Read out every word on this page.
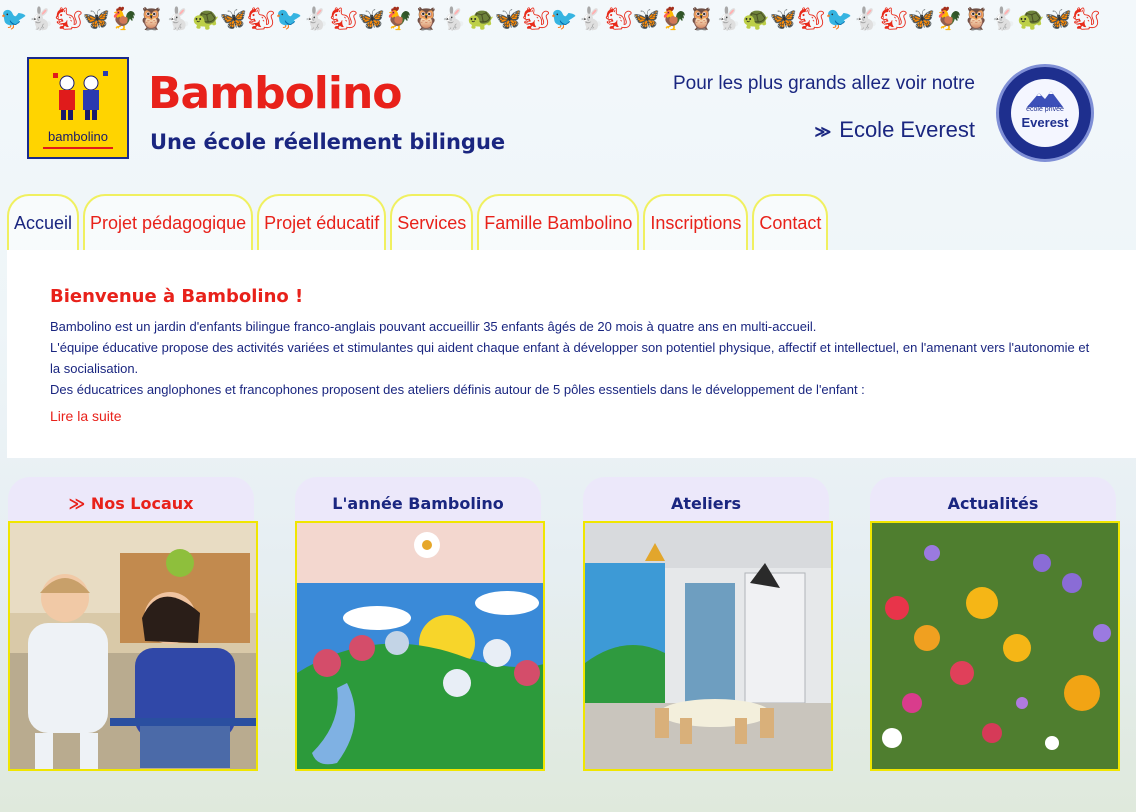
🐦🐇🐿🦋🐓🦉🐇🐢🦋🐿🐦🐇🐿🦋🐓🦉🐇🐢🦋🐿🐦🐇🐿🦋🐓🦉🐇🐢🦋🐿🐦🐇🐿🦋🐓🦉🐇🐢🦋🐿
bambolino
Bambolino
Une école réellement bilingue
Pour les plus grands allez voir notre
≫ Ecole Everest
école privée
Everest
Accueil	Projet pédagogique	Projet éducatif	Services	Famille Bambolino	Inscriptions	Contact
Bienvenue à Bambolino !

Bambolino est un jardin d'enfants bilingue franco-anglais pouvant accueillir 35 enfants âgés de 20 mois à quatre ans en multi-accueil.

L'équipe éducative propose des activités variées et stimulantes qui aident chaque enfant à développer son potentiel physique, affectif et intellectuel, en l'amenant vers l'autonomie et la socialisation.

Des éducatrices anglophones et francophones proposent des ateliers définis autour de 5 pôles essentiels dans le développement de l'enfant :

Lire la suite
≫ Nos Locaux	L'année Bambolino	Ateliers	Actualités
